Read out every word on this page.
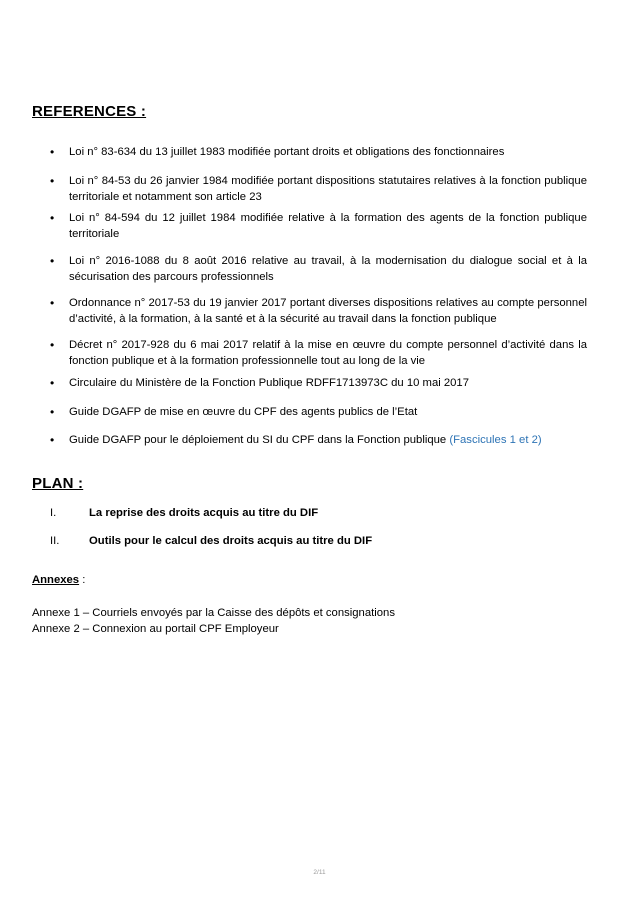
REFERENCES :
• Loi n° 83-634 du 13 juillet 1983 modifiée portant droits et obligations des fonctionnaires
• Loi n° 84-53 du 26 janvier 1984 modifiée portant dispositions statutaires relatives à la fonction publique territoriale et notamment son article 23
• Loi n° 84-594 du 12 juillet 1984 modifiée relative à la formation des agents de la fonction publique territoriale
• Loi n° 2016-1088 du 8 août 2016 relative au travail, à la modernisation du dialogue social et à la sécurisation des parcours professionnels
• Ordonnance n° 2017-53 du 19 janvier 2017 portant diverses dispositions relatives au compte personnel d’activité, à la formation, à la santé et à la sécurité au travail dans la fonction publique
• Décret n° 2017-928 du 6 mai 2017 relatif à la mise en œuvre du compte personnel d’activité dans la fonction publique et à la formation professionnelle tout au long de la vie
• Circulaire du Ministère de la Fonction Publique RDFF1713973C du 10 mai 2017
• Guide DGAFP de mise en œuvre du CPF des agents publics de l’Etat
• Guide DGAFP pour le déploiement du SI du CPF dans la Fonction publique (Fascicules 1 et 2)
PLAN :
I.	La reprise des droits acquis au titre du DIF
II.	Outils pour le calcul des droits acquis au titre du DIF
Annexes :
Annexe 1 – Courriels envoyés par la Caisse des dépôts et consignations
Annexe 2 – Connexion au portail CPF Employeur
2/11
